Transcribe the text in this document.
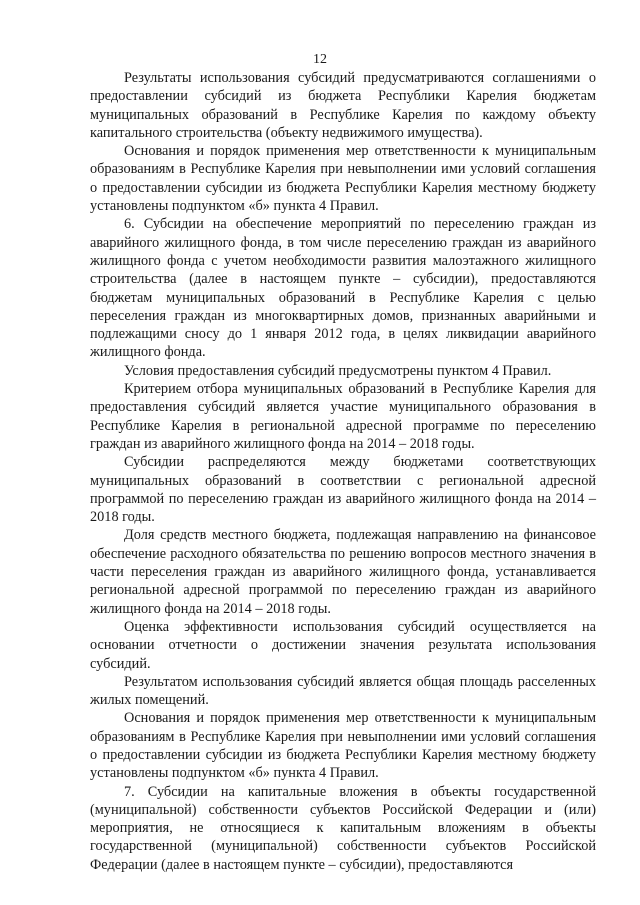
12

Результаты использования субсидий предусматриваются соглашениями о предоставлении субсидий из бюджета Республики Карелия бюджетам муниципальных образований в Республике Карелия по каждому объекту капитального строительства (объекту недвижимого имущества).

Основания и порядок применения мер ответственности к муниципальным образованиям в Республике Карелия при невыполнении ими условий соглашения о предоставлении субсидии из бюджета Республики Карелия местному бюджету установлены подпунктом «б» пункта 4 Правил.

6. Субсидии на обеспечение мероприятий по переселению граждан из аварийного жилищного фонда, в том числе переселению граждан из аварийного жилищного фонда с учетом необходимости развития малоэтажного жилищного строительства (далее в настоящем пункте – субсидии), предоставляются бюджетам муниципальных образований в Республике Карелия с целью переселения граждан из многоквартирных домов, признанных аварийными и подлежащими сносу до 1 января 2012 года, в целях ликвидации аварийного жилищного фонда.

Условия предоставления субсидий предусмотрены пунктом 4 Правил.

Критерием отбора муниципальных образований в Республике Карелия для предоставления субсидий является участие муниципального образования в Республике Карелия в региональной адресной программе по переселению граждан из аварийного жилищного фонда на 2014 – 2018 годы.

Субсидии распределяются между бюджетами соответствующих муниципальных образований в соответствии с региональной адресной программой по переселению граждан из аварийного жилищного фонда на 2014 – 2018 годы.

Доля средств местного бюджета, подлежащая направлению на финансовое обеспечение расходного обязательства по решению вопросов местного значения в части переселения граждан из аварийного жилищного фонда, устанавливается региональной адресной программой по переселению граждан из аварийного жилищного фонда на 2014 – 2018 годы.

Оценка эффективности использования субсидий осуществляется на основании отчетности о достижении значения результата использования субсидий.

Результатом использования субсидий является общая площадь расселенных жилых помещений.

Основания и порядок применения мер ответственности к муниципальным образованиям в Республике Карелия при невыполнении ими условий соглашения о предоставлении субсидии из бюджета Республики Карелия местному бюджету установлены подпунктом «б» пункта 4 Правил.

7. Субсидии на капитальные вложения в объекты государственной (муниципальной) собственности субъектов Российской Федерации и (или) мероприятия, не относящиеся к капитальным вложениям в объекты государственной (муниципальной) собственности субъектов Российской Федерации (далее в настоящем пункте – субсидии), предоставляются
